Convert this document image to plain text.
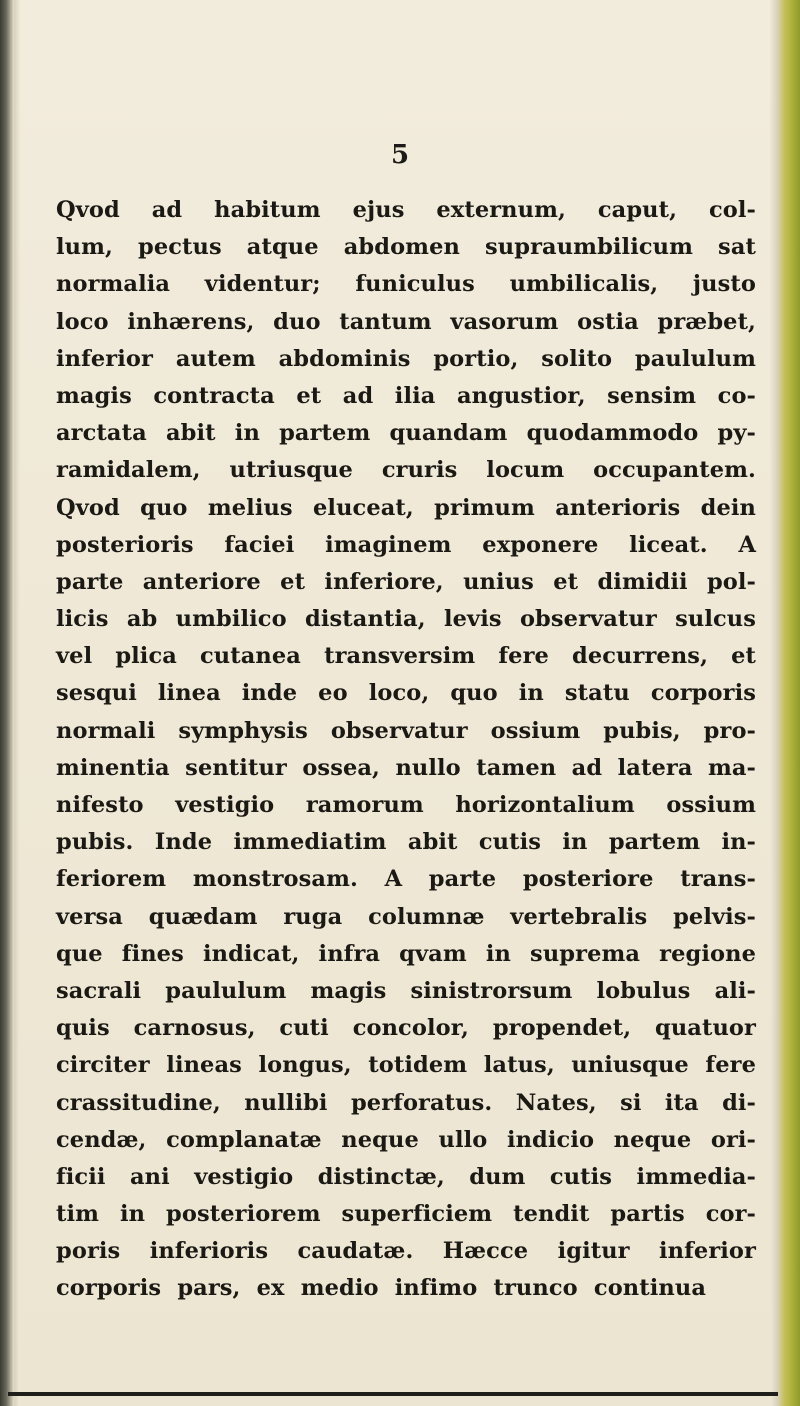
5

Qvod ad habitum ejus externum, caput, col-
lum, pectus atque abdomen supraumbilicum sat
normalia videntur; funiculus umbilicalis, justo
loco inhærens, duo tantum vasorum ostia præbet,
inferior autem abdominis portio, solito paululum
magis contracta et ad ilia angustior, sensim co-
arctata abit in partem quandam quodammodo py-
ramidalem, utriusque cruris locum occupantem.
Qvod quo melius eluceat, primum anterioris dein
posterioris faciei imaginem exponere liceat. A
parte anteriore et inferiore, unius et dimidii pol-
licis ab umbilico distantia, levis observatur sulcus
vel plica cutanea transversim fere decurrens, et
sesqui linea inde eo loco, quo in statu corporis
normali symphysis observatur ossium pubis, pro-
minentia sentitur ossea, nullo tamen ad latera ma-
nifesto vestigio ramorum horizontalium ossium
pubis. Inde immediatim abit cutis in partem in-
feriorem monstrosam. A parte posteriore trans-
versa quædam ruga columnæ vertebralis pelvis-
que fines indicat, infra qvam in suprema regione
sacrali paululum magis sinistrorsum lobulus ali-
quis carnosus, cuti concolor, propendet, quatuor
circiter lineas longus, totidem latus, uniusque fere
crassitudine, nullibi perforatus. Nates, si ita di-
cendæ, complanatæ neque ullo indicio neque ori-
ficii ani vestigio distinctæ, dum cutis immedia-
tim in posteriorem superficiem tendit partis cor-
poris inferioris caudatæ. Hæcce igitur inferior
corporis pars, ex medio infimo trunco continua
